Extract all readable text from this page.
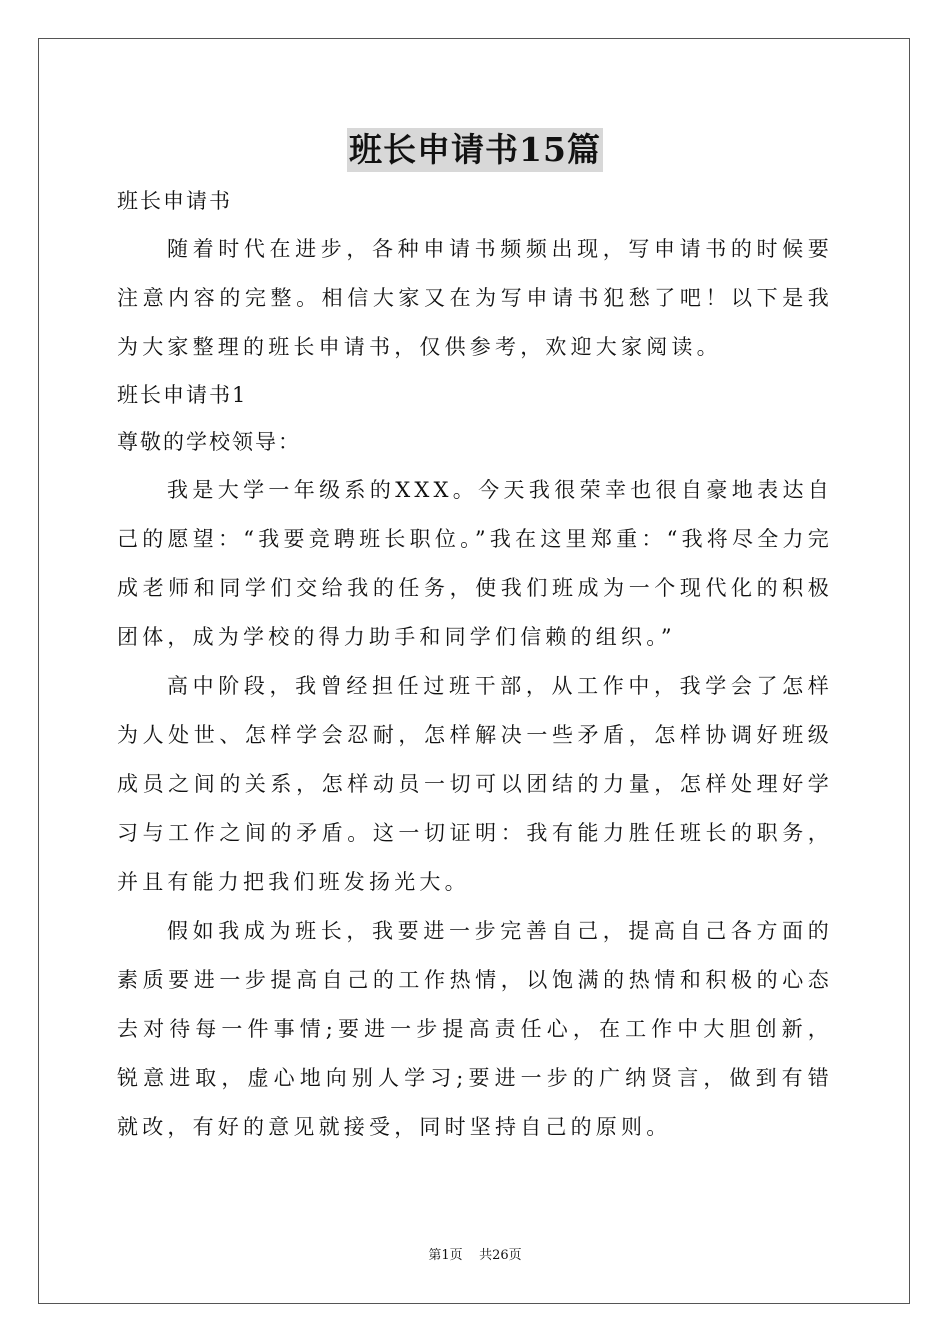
班长申请书15篇
班长申请书

随着时代在进步，各种申请书频频出现，写申请书的时候要注意内容的完整。相信大家又在为写申请书犯愁了吧！以下是我为大家整理的班长申请书，仅供参考，欢迎大家阅读。

班长申请书1
尊敬的学校领导：

我是大学一年级系的XXX。今天我很荣幸也很自豪地表达自己的愿望：“我要竞聘班长职位。”我在这里郑重：“我将尽全力完成老师和同学们交给我的任务，使我们班成为一个现代化的积极团体，成为学校的得力助手和同学们信赖的组织。”

高中阶段，我曾经担任过班干部，从工作中，我学会了怎样为人处世、怎样学会忍耐，怎样解决一些矛盾，怎样协调好班级成员之间的关系，怎样动员一切可以团结的力量，怎样处理好学习与工作之间的矛盾。这一切证明：我有能力胜任班长的职务，并且有能力把我们班发扬光大。

假如我成为班长，我要进一步完善自己，提高自己各方面的素质要进一步提高自己的工作热情，以饱满的热情和积极的心态去对待每一件事情;要进一步提高责任心，在工作中大胆创新，锐意进取，虚心地向别人学习;要进一步的广纳贤言，做到有错就改，有好的意见就接受，同时坚持自己的原则。

第1页 共26页
